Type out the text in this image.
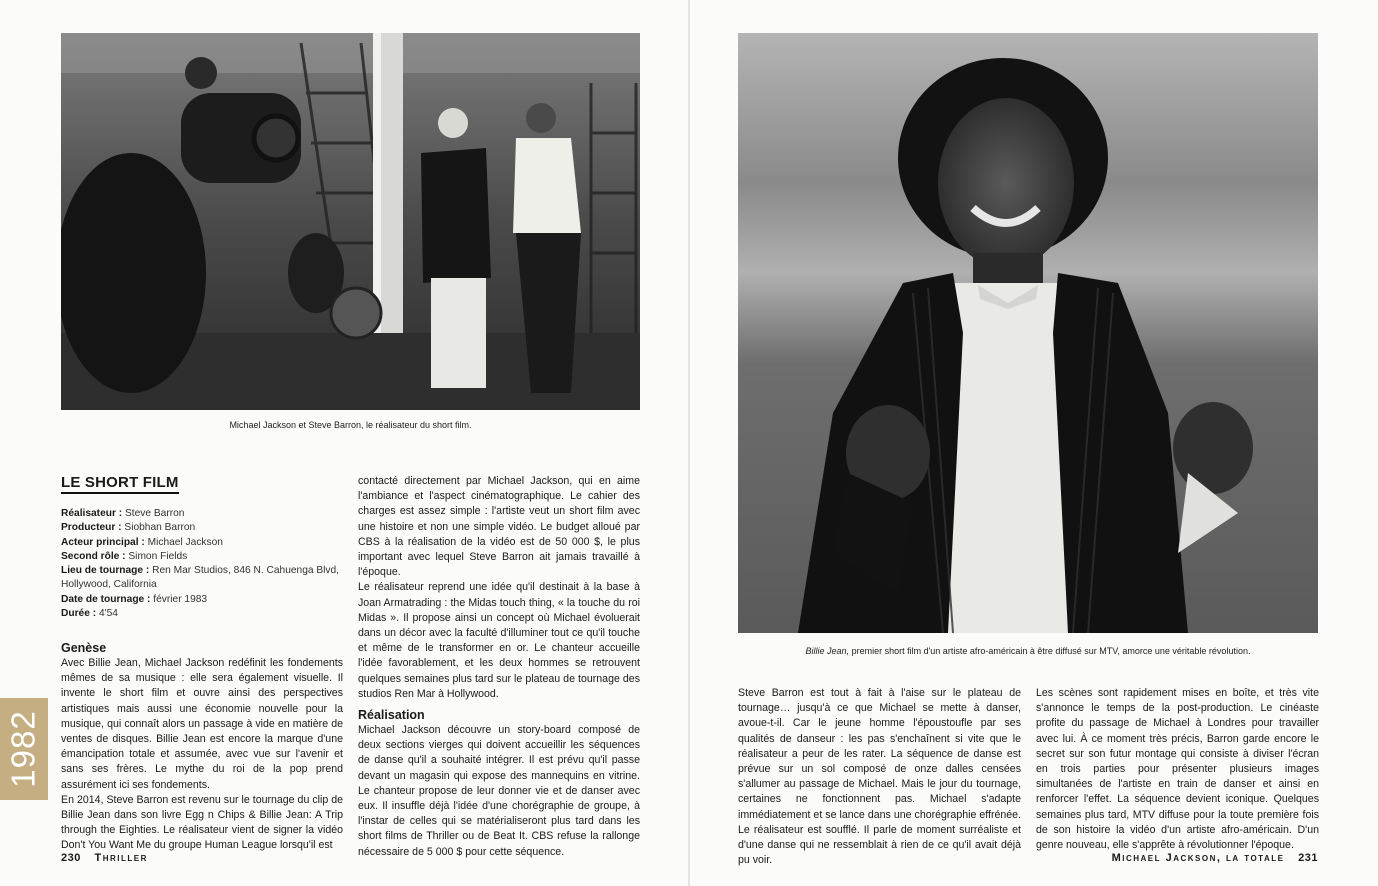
Michael Jackson et Steve Barron, le réalisateur du short film.
LE SHORT FILM
Réalisateur : Steve Barron
Producteur : Siobhan Barron
Acteur principal : Michael Jackson
Second rôle : Simon Fields
Lieu de tournage : Ren Mar Studios, 846 N. Cahuenga Blvd, Hollywood, California
Date de tournage : février 1983
Durée : 4'54
Genèse

Avec Billie Jean, Michael Jackson redéfinit les fondements mêmes de sa musique : elle sera également visuelle. Il invente le short film et ouvre ainsi des perspectives artistiques mais aussi une économie nouvelle pour la musique, qui connaît alors un passage à vide en matière de ventes de disques. Billie Jean est encore la marque d'une émancipation totale et assumée, avec vue sur l'avenir et sans ses frères. Le mythe du roi de la pop prend assurément ici ses fondements.

En 2014, Steve Barron est revenu sur le tournage du clip de Billie Jean dans son livre Egg n Chips & Billie Jean: A Trip through the Eighties. Le réalisateur vient de signer la vidéo Don't You Want Me du groupe Human League lorsqu'il est

contacté directement par Michael Jackson, qui en aime l'ambiance et l'aspect cinématographique. Le cahier des charges est assez simple : l'artiste veut un short film avec une histoire et non une simple vidéo. Le budget alloué par CBS à la réalisation de la vidéo est de 50 000 $, le plus important avec lequel Steve Barron ait jamais travaillé à l'époque.

Le réalisateur reprend une idée qu'il destinait à la base à Joan Armatrading : the Midas touch thing, « la touche du roi Midas ». Il propose ainsi un concept où Michael évoluerait dans un décor avec la faculté d'illuminer tout ce qu'il touche et même de le transformer en or. Le chanteur accueille l'idée favorablement, et les deux hommes se retrouvent quelques semaines plus tard sur le plateau de tournage des studios Ren Mar à Hollywood.

Réalisation

Michael Jackson découvre un story-board composé de deux sections vierges qui doivent accueillir les séquences de danse qu'il a souhaité intégrer. Il est prévu qu'il passe devant un magasin qui expose des mannequins en vitrine. Le chanteur propose de leur donner vie et de danser avec eux. Il insuffle déjà l'idée d'une chorégraphie de groupe, à l'instar de celles qui se matérialiseront plus tard dans les short films de Thriller ou de Beat It. CBS refuse la rallonge nécessaire de 5 000 $ pour cette séquence.

1982
230 Thriller
Billie Jean, premier short film d'un artiste afro-américain à être diffusé sur MTV, amorce une véritable révolution.

Steve Barron est tout à fait à l'aise sur le plateau de tournage… jusqu'à ce que Michael se mette à danser, avoue-t-il. Car le jeune homme l'époustoufle par ses qualités de danseur : les pas s'enchaînent si vite que le réalisateur a peur de les rater. La séquence de danse est prévue sur un sol composé de onze dalles censées s'allumer au passage de Michael. Mais le jour du tournage, certaines ne fonctionnent pas. Michael s'adapte immédiatement et se lance dans une chorégraphie effrénée. Le réalisateur est soufflé. Il parle de moment surréaliste et d'une danse qui ne ressemblait à rien de ce qu'il avait déjà pu voir.

Les scènes sont rapidement mises en boîte, et très vite s'annonce le temps de la post-production. Le cinéaste profite du passage de Michael à Londres pour travailler avec lui. À ce moment très précis, Barron garde encore le secret sur son futur montage qui consiste à diviser l'écran en trois parties pour présenter plusieurs images simultanées de l'artiste en train de danser et ainsi en renforcer l'effet. La séquence devient iconique. Quelques semaines plus tard, MTV diffuse pour la toute première fois de son histoire la vidéo d'un artiste afro-américain. D'un genre nouveau, elle s'apprête à révolutionner l'époque.

Michael Jackson, la totale 231
